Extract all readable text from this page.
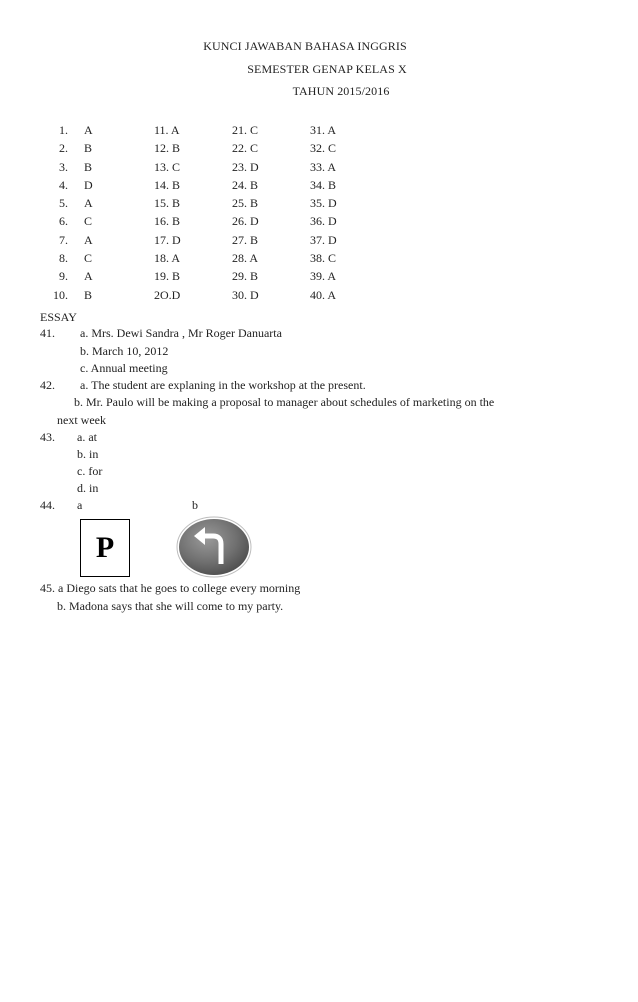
KUNCI JAWABAN BAHASA INGGRIS
SEMESTER GENAP KELAS X
TAHUN 2015/2016
1. A
2. B
3. B
4. D
5. A
6. C
7. A
8. C
9. A
10. B
11. A
12. B
13. C
14. B
15. B
16. B
17. D
18. A
19. B
2O.D
21. C
22. C
23. D
24. B
25. B
26. D
27. B
28. A
29. B
30. D
31. A
32. C
33. A
34. B
35. D
36. D
37. D
38. C
39. A
40. A
ESSAY
41. a. Mrs. Dewi Sandra , Mr Roger Danuarta
b. March 10, 2012
c. Annual meeting
42. a. The student are explaning in the workshop at the present.
b. Mr. Paulo will be making a proposal to manager about schedules of marketing on the
next week
43. a. at
b. in
c. for
d. in
44. a	b
P
45. a Diego sats that he goes to college every morning
b. Madona says that she will come to my party.
